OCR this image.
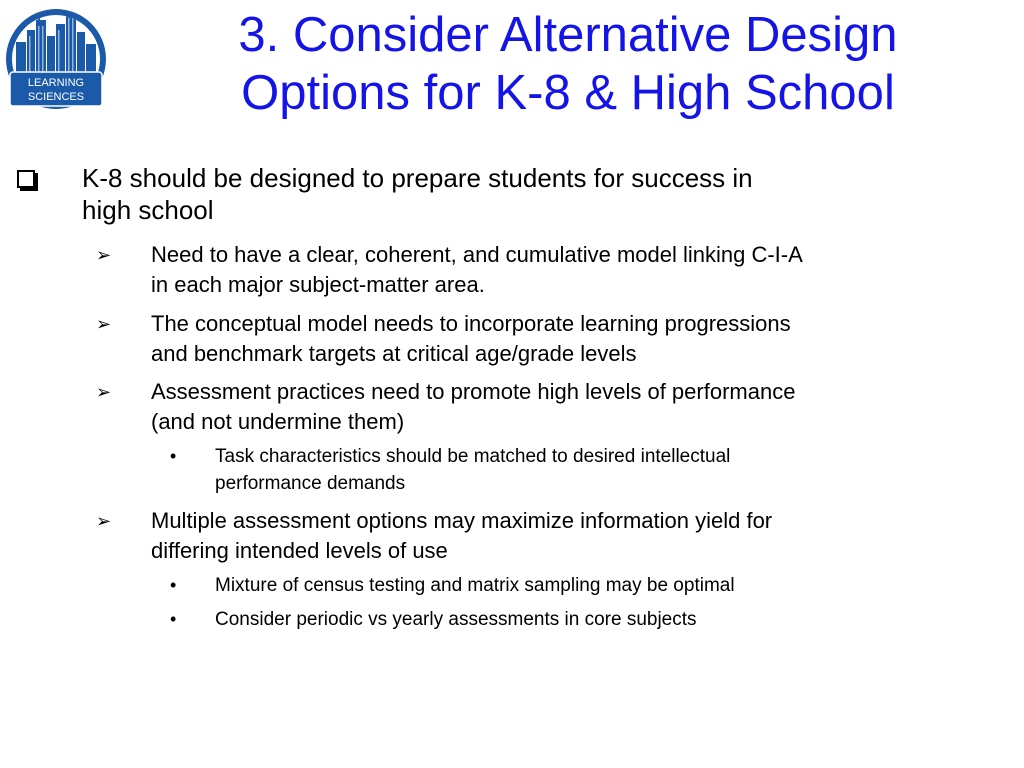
LEARNING
SCIENCES
3. Consider Alternative Design
Options for K-8 & High School
K-8 should be designed to prepare students for success in
high school
➢ Need to have a clear, coherent, and cumulative model linking C-I-A
in each major subject-matter area.
➢ The conceptual model needs to incorporate learning progressions
and benchmark targets at critical age/grade levels
➢ Assessment practices need to promote high levels of performance
(and not undermine them)
• Task characteristics should be matched to desired intellectual
performance demands
➢ Multiple assessment options may maximize information yield for
differing intended levels of use
• Mixture of census testing and matrix sampling may be optimal
• Consider periodic vs yearly assessments in core subjects
